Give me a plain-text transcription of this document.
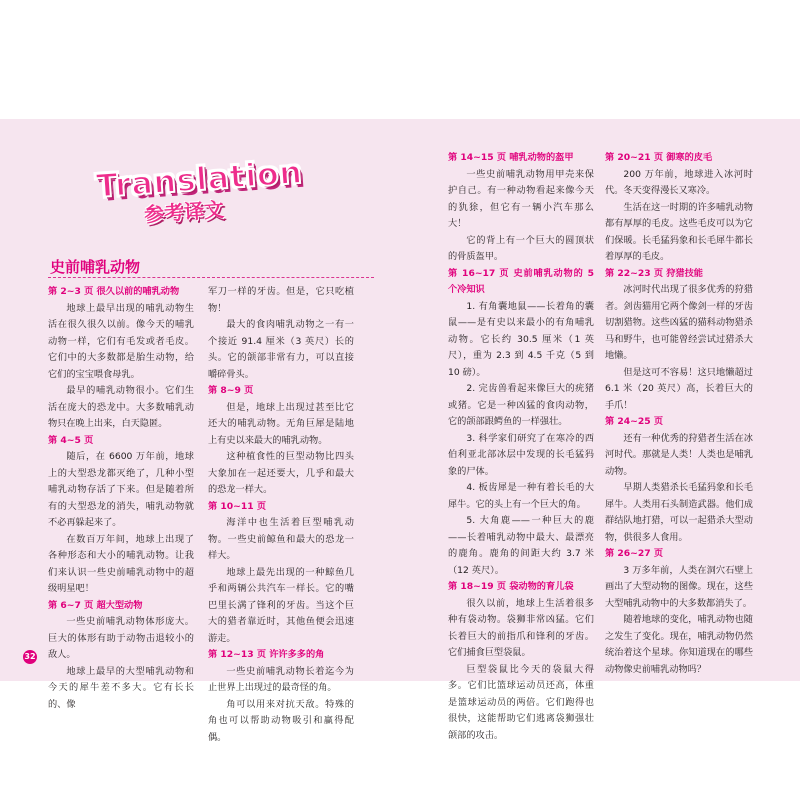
Translation
参考译文
史前哺乳动物

第 2~3 页 很久以前的哺乳动物

地球上最早出现的哺乳动物生活在很久很久以前。像今天的哺乳动物一样，它们有毛发或者毛皮。它们中的大多数都是胎生动物，给它们的宝宝喂食母乳。

最早的哺乳动物很小。它们生活在庞大的恐龙中。大多数哺乳动物只在晚上出来，白天隐匿。

第 4~5 页

随后，在 6600 万年前，地球上的大型恐龙都灭绝了，几种小型哺乳动物存活了下来。但是随着所有的大型恐龙的消失，哺乳动物就不必再躲起来了。

在数百万年间，地球上出现了各种形态和大小的哺乳动物。让我们来认识一些史前哺乳动物中的超级明星吧！

第 6~7 页 超大型动物

一些史前哺乳动物体形庞大。巨大的体形有助于动物击退较小的敌人。

地球上最早的大型哺乳动物和今天的犀牛差不多大。它有长长的、像

军刀一样的牙齿。但是，它只吃植物！

最大的食肉哺乳动物之一有一个接近 91.4 厘米（3 英尺）长的头。它的颌部非常有力，可以直接嚼碎骨头。

第 8~9 页

但是，地球上出现过甚至比它还大的哺乳动物。无角巨犀是陆地上有史以来最大的哺乳动物。

这种植食性的巨型动物比四头大象加在一起还要大，几乎和最大的恐龙一样大。

第 10~11 页

海洋中也生活着巨型哺乳动物。一些史前鲸鱼和最大的恐龙一样大。

地球上最先出现的一种鲸鱼几乎和两辆公共汽车一样长。它的嘴巴里长满了锋利的牙齿。当这个巨大的猎者靠近时，其他鱼便会迅速游走。

第 12~13 页 许许多多的角

一些史前哺乳动物长着迄今为止世界上出现过的最奇怪的角。

角可以用来对抗天敌。特殊的角也可以帮助动物吸引和赢得配偶。

第 14~15 页 哺乳动物的盔甲

一些史前哺乳动物用甲壳来保护自己。有一种动物看起来像今天的犰狳，但它有一辆小汽车那么大！

它的背上有一个巨大的圆顶状的骨质盔甲。

第 16~17 页 史前哺乳动物的 5 个冷知识

1. 有角囊地鼠——长着角的囊鼠——是有史以来最小的有角哺乳动物。它长约 30.5 厘米（1 英尺），重为 2.3 到 4.5 千克（5 到 10 磅）。

2. 完齿兽看起来像巨大的疣猪或猪。它是一种凶猛的食肉动物，它的颌部跟鳄鱼的一样强壮。

3. 科学家们研究了在寒冷的西伯利亚北部冰层中发现的长毛猛犸象的尸体。

4. 板齿犀是一种有着长毛的大犀牛。它的头上有一个巨大的角。

5. 大角鹿——一种巨大的鹿——长着哺乳动物中最大、最漂亮的鹿角。鹿角的间距大约 3.7 米（12 英尺）。

第 18~19 页 袋动物的育儿袋

很久以前，地球上生活着很多种有袋动物。袋狮非常凶猛。它们长着巨大的前指爪和锋利的牙齿。它们捕食巨型袋鼠。

巨型袋鼠比今天的袋鼠大得多。它们比篮球运动员还高，体重是篮球运动员的两倍。它们跑得也很快，这能帮助它们逃离袋狮强壮颌部的攻击。

第 20~21 页 御寒的皮毛

200 万年前，地球进入冰河时代。冬天变得漫长又寒冷。

生活在这一时期的许多哺乳动物都有厚厚的毛皮。这些毛皮可以为它们保暖。长毛猛犸象和长毛犀牛都长着厚厚的毛皮。

第 22~23 页 狩猎技能

冰河时代出现了很多优秀的狩猎者。剑齿猫用它两个像剑一样的牙齿切割猎物。这些凶猛的猫科动物猎杀马和野牛，也可能曾经尝试过猎杀大地懒。

但是这可不容易！这只地懒超过 6.1 米（20 英尺）高，长着巨大的手爪！

第 24~25 页

还有一种优秀的狩猎者生活在冰河时代。那就是人类！人类也是哺乳动物。

早期人类猎杀长毛猛犸象和长毛犀牛。人类用石头制造武器。他们成群结队地打猎，可以一起猎杀大型动物，供很多人食用。

第 26~27 页

3 万多年前，人类在洞穴石壁上画出了大型动物的图像。现在，这些大型哺乳动物中的大多数都消失了。

随着地球的变化，哺乳动物也随之发生了变化。现在，哺乳动物仍然统治着这个星球。你知道现在的哪些动物像史前哺乳动物吗？

32
